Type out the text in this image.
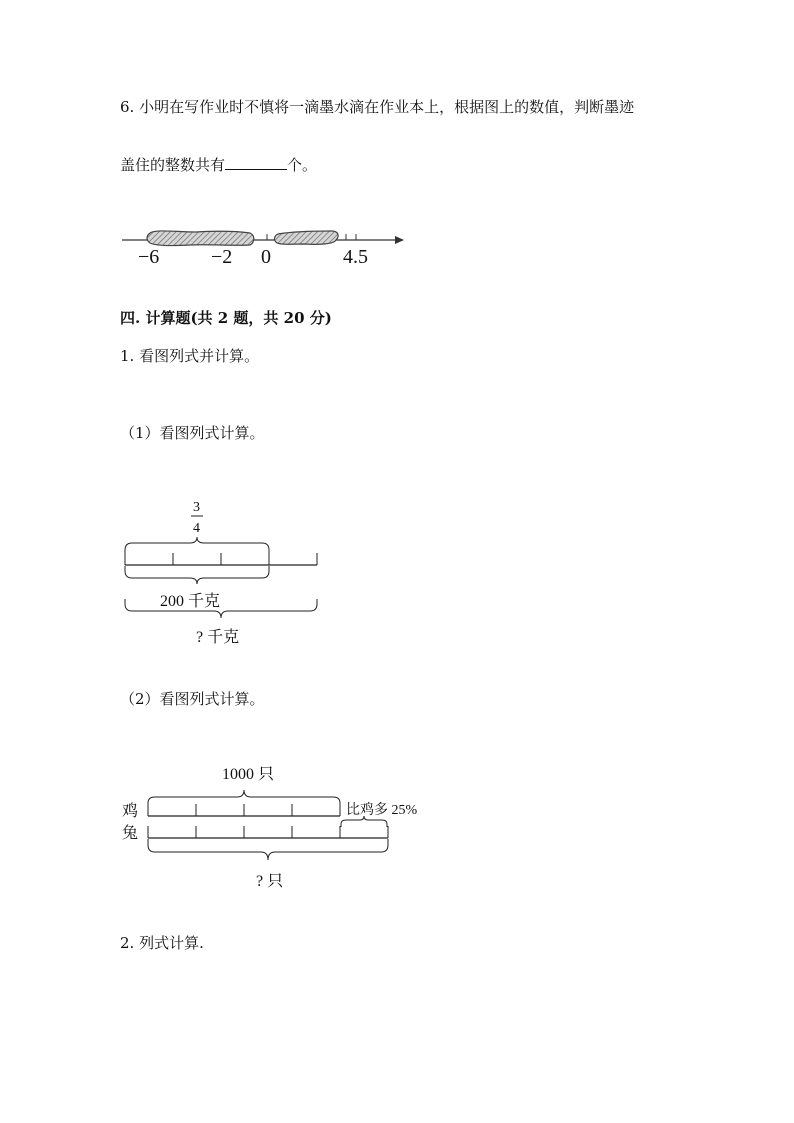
6. 小明在写作业时不慎将一滴墨水滴在作业本上，根据图上的数值，判断墨迹
盖住的整数共有	个。
−6	−2 0	4.5
四. 计算题(共 2 题，共 20 分)
1. 看图列式并计算。
（1）看图列式计算。
3
4
200 千克
? 千克
（2）看图列式计算。
1000 只
鸡	比鸡多 25%
兔
? 只
2. 列式计算.
